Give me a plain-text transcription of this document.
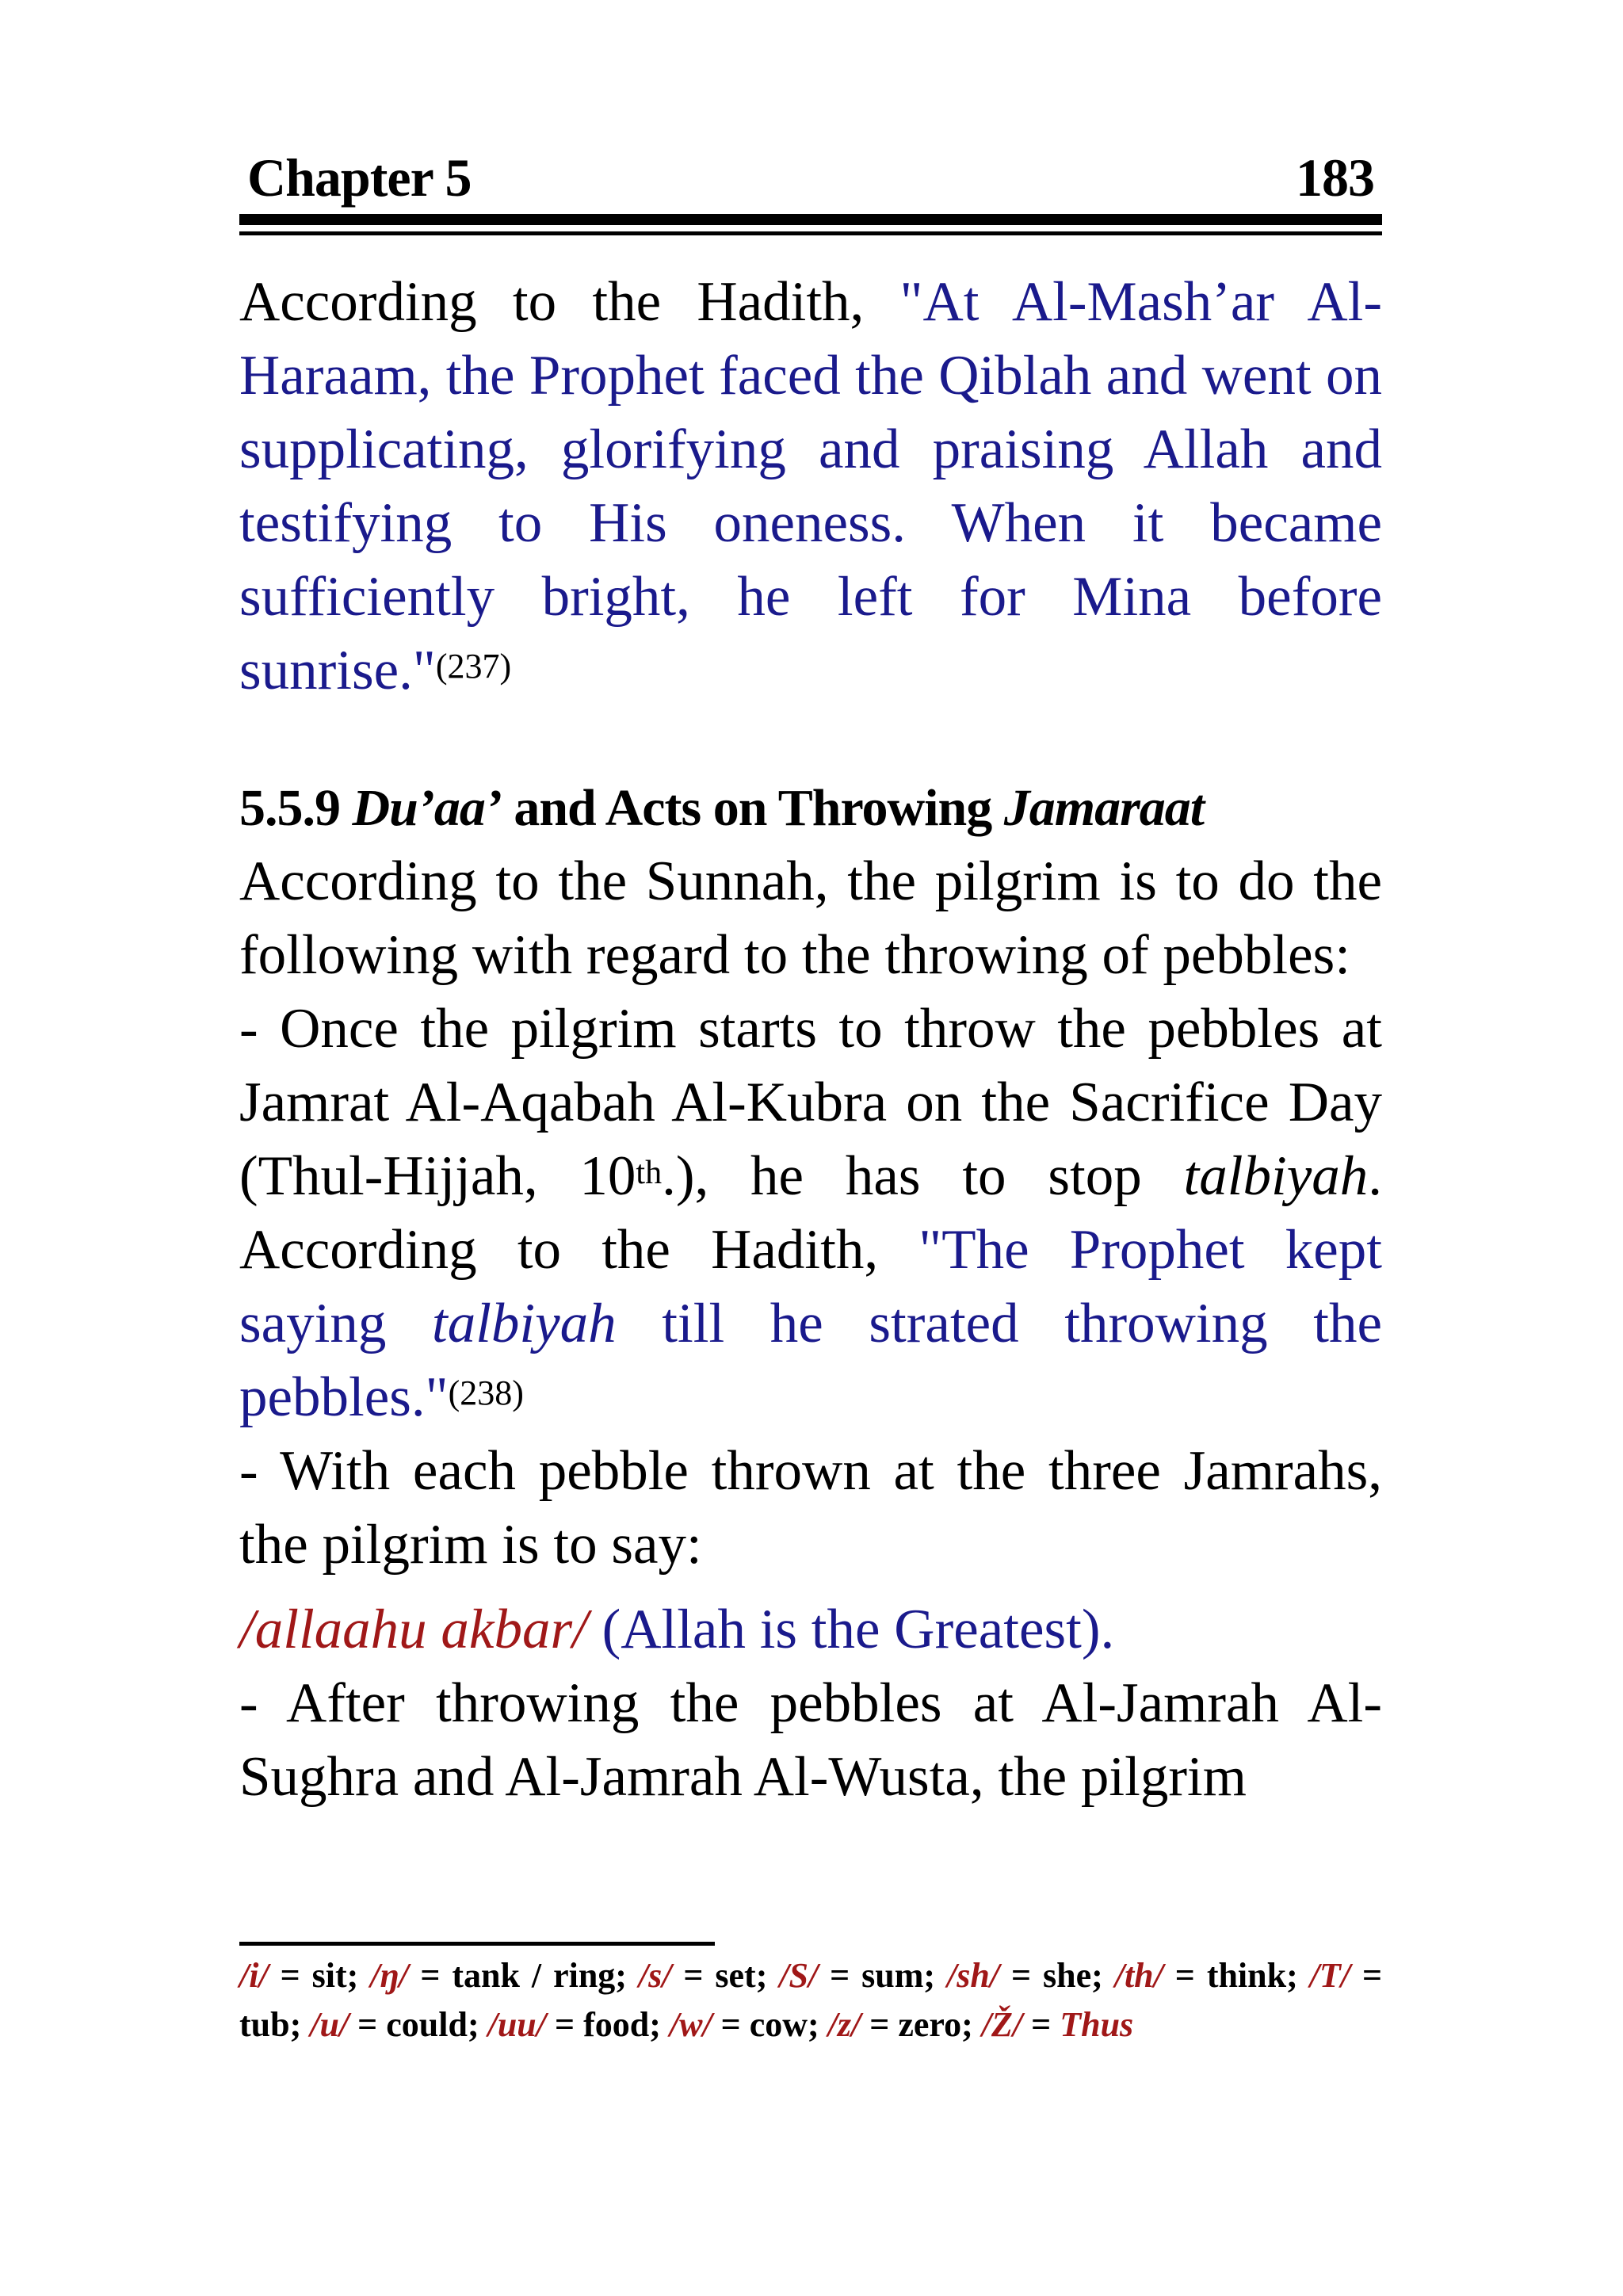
Chapter 5	183

According to the Hadith, "At Al-Mash’ar Al-Haraam, the Prophet faced the Qiblah and went on supplicating, glorifying and praising Allah and testifying to His oneness. When it became sufficiently bright, he left for Mina before sunrise."$^{(237)}$

5.5.9 Du’aa’ and Acts on Throwing Jamaraat

According to the Sunnah, the pilgrim is to do the following with regard to the throwing of pebbles:

- Once the pilgrim starts to throw the pebbles at Jamrat Al-Aqabah Al-Kubra on the Sacrifice Day (Thul-Hijjah, 10th.), he has to stop talbiyah. According to the Hadith, "The Prophet kept saying talbiyah till he strated throwing the pebbles."$^{(238)}$

- With each pebble thrown at the three Jamrahs, the pilgrim is to say:

/allaahu akbar/ (Allah is the Greatest).

- After throwing the pebbles at Al-Jamrah Al-Sughra and Al-Jamrah Al-Wusta, the pilgrim

/i/ = sit; /ŋ/ = tank / ring; /s/ = set; /S/ = sum; /sh/ = she; /th/ = think; /T/ = tub; /u/ = could; /uu/ = food; /w/ = cow; /z/ = zero; /Ž/ = Thus
